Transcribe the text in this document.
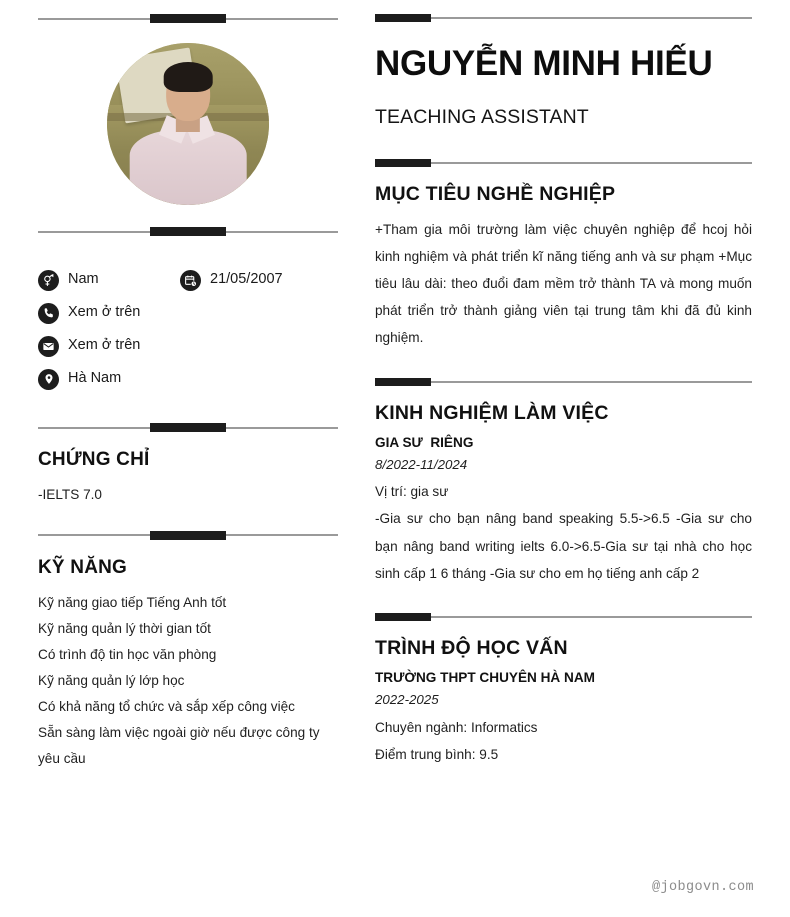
Nam	21/05/2007
Xem ở trên
Xem ở trên
Hà Nam
CHỨNG CHỈ
-IELTS 7.0
KỸ NĂNG
Kỹ năng giao tiếp Tiếng Anh tốt
Kỹ năng quản lý thời gian tốt
Có trình độ tin học văn phòng
Kỹ năng quản lý lớp học
Có khả năng tổ chức và sắp xếp công việc
Sẵn sàng làm việc ngoài giờ nếu được công ty yêu cầu
NGUYỄN MINH HIẾU
TEACHING ASSISTANT
MỤC TIÊU NGHỀ NGHIỆP
+Tham gia môi trường làm việc chuyên nghiệp để hcoj hỏi kinh nghiệm và phát triển kĩ năng tiếng anh và sư phạm +Mục tiêu lâu dài: theo đuổi đam mềm trở thành TA và mong muốn phát triển trở thành giảng viên tại trung tâm khi đã đủ kinh nghiệm.
KINH NGHIỆM LÀM VIỆC
GIA SƯ  RIÊNG
8/2022-11/2024
Vị trí: gia sư
-Gia sư cho bạn nâng band speaking 5.5->6.5 -Gia sư cho bạn nâng band writing ielts 6.0->6.5-Gia sư tại nhà cho học sinh cấp 1 6 tháng -Gia sư cho em họ tiếng anh cấp 2
TRÌNH ĐỘ HỌC VẤN
TRƯỜNG THPT CHUYÊN HÀ NAM
2022-2025
Chuyên ngành: Informatics
Điểm trung bình: 9.5
@jobgovn.com
